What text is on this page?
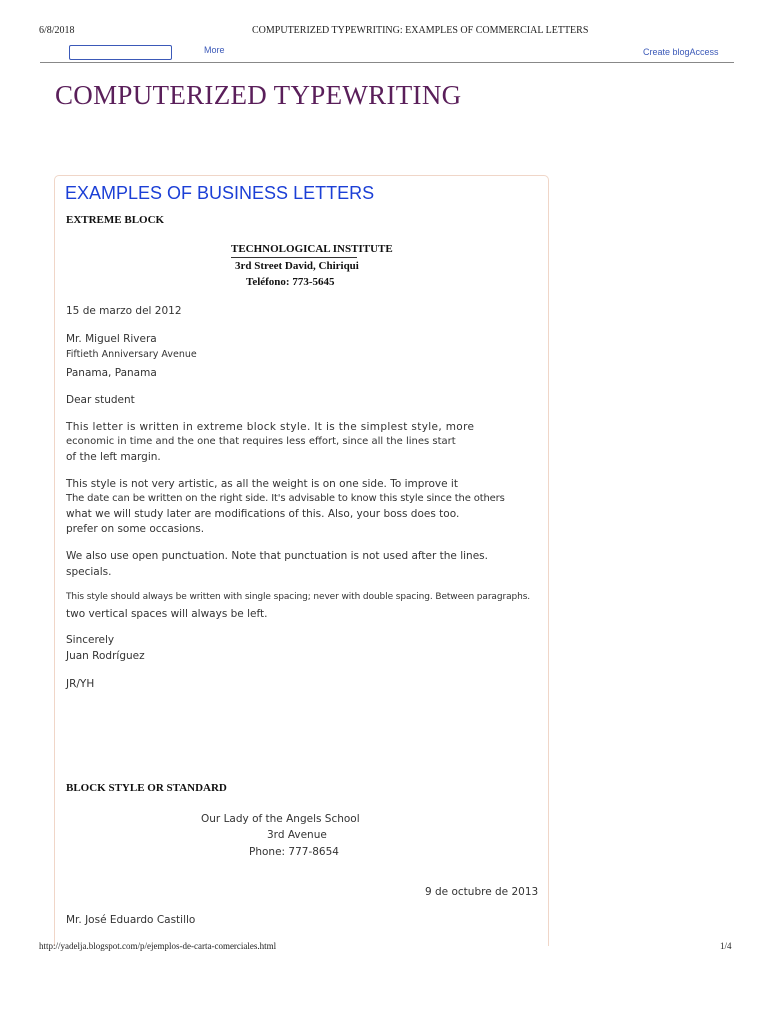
6/8/2018	COMPUTERIZED TYPEWRITING: EXAMPLES OF COMMERCIAL LETTERS
More	Create blogAccess
COMPUTERIZED TYPEWRITING
EXAMPLES OF BUSINESS LETTERS
EXTREME BLOCK
TECHNOLOGICAL INSTITUTE
3rd Street David, Chiriqui
Teléfono: 773-5645
15 de marzo del 2012
Mr. Miguel Rivera
Fiftieth Anniversary Avenue
Panama, Panama
Dear student
This letter is written in extreme block style. It is the simplest style, more
economic in time and the one that requires less effort, since all the lines start
of the left margin.
This style is not very artistic, as all the weight is on one side. To improve it
The date can be written on the right side. It's advisable to know this style since the others
what we will study later are modifications of this. Also, your boss does too.
prefer on some occasions.
We also use open punctuation. Note that punctuation is not used after the lines.
specials.
This style should always be written with single spacing; never with double spacing. Between paragraphs.
two vertical spaces will always be left.
Sincerely
Juan Rodríguez
JR/YH
BLOCK STYLE OR STANDARD
Our Lady of the Angels School
3rd Avenue
Phone: 777-8654
9 de octubre de 2013
Mr. José Eduardo Castillo
http://yadelja.blogspot.com/p/ejemplos-de-carta-comerciales.html	1/4
